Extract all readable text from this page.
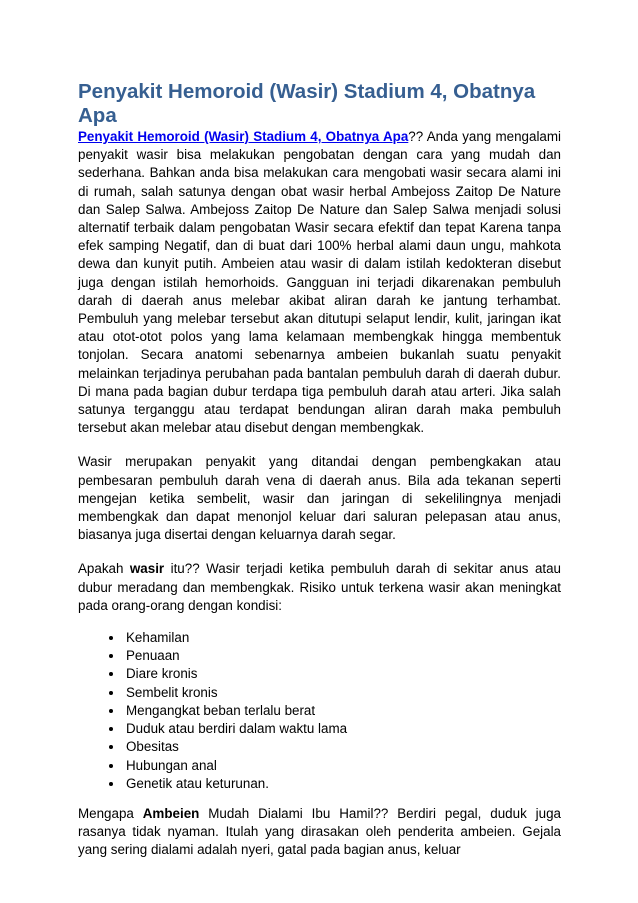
Penyakit Hemoroid (Wasir) Stadium 4, Obatnya Apa

Penyakit Hemoroid (Wasir) Stadium 4, Obatnya Apa?? Anda yang mengalami penyakit wasir bisa melakukan pengobatan dengan cara yang mudah dan sederhana. Bahkan anda bisa melakukan cara mengobati wasir secara alami ini di rumah, salah satunya dengan obat wasir herbal Ambejoss Zaitop De Nature dan Salep Salwa. Ambejoss Zaitop De Nature dan Salep Salwa menjadi solusi alternatif terbaik dalam pengobatan Wasir secara efektif dan tepat Karena tanpa efek samping Negatif, dan di buat dari 100% herbal alami daun ungu, mahkota dewa dan kunyit putih. Ambeien atau wasir di dalam istilah kedokteran disebut juga dengan istilah hemorhoids. Gangguan ini terjadi dikarenakan pembuluh darah di daerah anus melebar akibat aliran darah ke jantung terhambat. Pembuluh yang melebar tersebut akan ditutupi selaput lendir, kulit, jaringan ikat atau otot-otot polos yang lama kelamaan membengkak hingga membentuk tonjolan. Secara anatomi sebenarnya ambeien bukanlah suatu penyakit melainkan terjadinya perubahan pada bantalan pembuluh darah di daerah dubur. Di mana pada bagian dubur terdapa tiga pembuluh darah atau arteri. Jika salah satunya terganggu atau terdapat bendungan aliran darah maka pembuluh tersebut akan melebar atau disebut dengan membengkak.

Wasir merupakan penyakit yang ditandai dengan pembengkakan atau pembesaran pembuluh darah vena di daerah anus. Bila ada tekanan seperti mengejan ketika sembelit, wasir dan jaringan di sekelilingnya menjadi membengkak dan dapat menonjol keluar dari saluran pelepasan atau anus, biasanya juga disertai dengan keluarnya darah segar.

Apakah wasir itu?? Wasir terjadi ketika pembuluh darah di sekitar anus atau dubur meradang dan membengkak. Risiko untuk terkena wasir akan meningkat pada orang-orang dengan kondisi:

• Kehamilan
• Penuaan
• Diare kronis
• Sembelit kronis
• Mengangkat beban terlalu berat
• Duduk atau berdiri dalam waktu lama
• Obesitas
• Hubungan anal
• Genetik atau keturunan.

Mengapa Ambeien Mudah Dialami Ibu Hamil?? Berdiri pegal, duduk juga rasanya tidak nyaman. Itulah yang dirasakan oleh penderita ambeien. Gejala yang sering dialami adalah nyeri, gatal pada bagian anus, keluar
